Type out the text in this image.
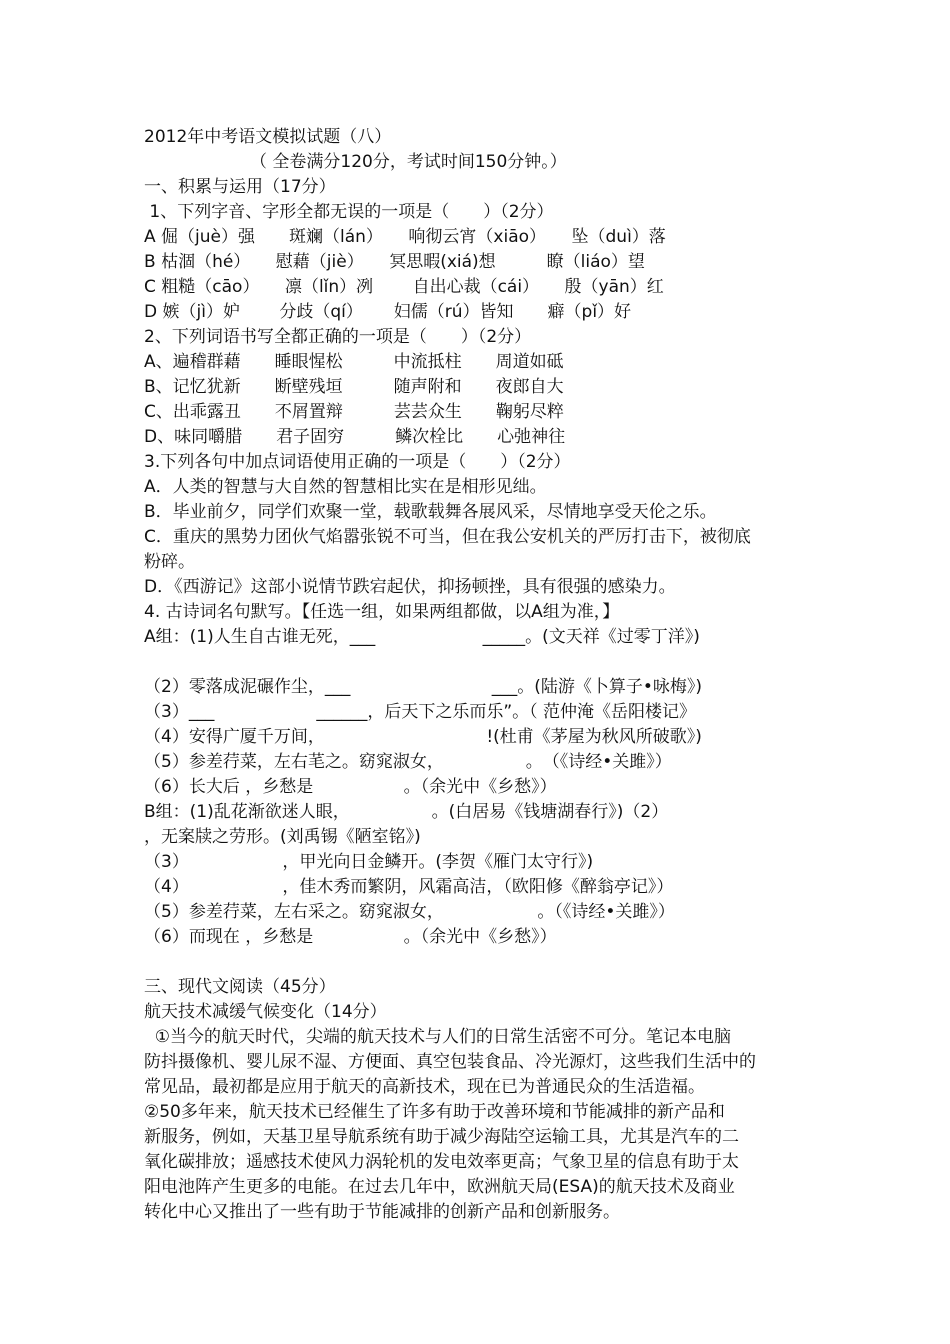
2012年中考语文模拟试题（八）
（ 全卷满分120分，考试时间150分钟。）
一、积累与运用（17分）
1、下列字音、字形全都无误的一项是（　　）（2分）
A 倔（juè）强　　斑斓（lán）　　响彻云宵（xiāo）　　坠（duì）落
B 枯涸（hé）　　慰藉（jiè）　　冥思暇(xiá)想　　　瞭（liáo）望
C 粗糙（cāo）　　凛（lǐn）冽　　 自出心裁（cái）　　殷（yān）红
D 嫉（jì）妒　　 分歧（qí）　　 妇儒（rú）皆知　　癖（pǐ）好
2、下列词语书写全都正确的一项是（　　）（2分）
A、遍稽群藉　　睡眼惺松　　　中流抵柱　　周道如砥
B、记忆犹新　　断壁残垣　　　随声附和　　夜郎自大
C、出乖露丑　　不屑置辩　　　芸芸众生　　鞠躬尽粹
D、味同嚼腊　　君子固穷　　　鳞次栓比　　心弛神往
3.下列各句中加点词语使用正确的一项是（　　）（2分）
A．人类的智慧与大自然的智慧相比实在是相形见绌。
B．毕业前夕，同学们欢聚一堂，载歌载舞各展风采，尽情地享受天伦之乐。
C．重庆的黑势力团伙气焰嚣张锐不可当，但在我公安机关的严厉打击下，被彻底
粉碎。
D．《西游记》这部小说情节跌宕起伏，抑扬顿挫，具有很强的感染力。
4. 古诗词名句默写。【任选一组，如果两组都做，以A组为准，】
A组：(1)人生自古谁无死，___　　　　　　 _____。(文天祥《过零丁洋》)
（2）零落成泥碾作尘，___　　　　　　　　 ___。(陆游《卜算子•咏梅》)
（3）___　　　　　　______，后天下之乐而乐”。（ 范仲淹《岳阳楼记》
（4）安得广厦千万间，　　　　　　　　　　!(杜甫《茅屋为秋风所破歌》)
（5）参差荇菜，左右芼之。窈窕淑女，　　　　　 。　（《诗经•关雎》）
（6）长大后 ，乡愁是　　　　　 。（余光中《乡愁》）
B组：(1)乱花渐欲迷人眼，　　　　　 。(白居易《钱塘湖春行》)（2）
，无案牍之劳形。(刘禹锡《陋室铭》)
（3）　　　　　　，甲光向日金鳞开。(李贺《雁门太守行》)
（4）　　　　　　，佳木秀而繁阴，风霜高洁，（欧阳修《醉翁亭记》）
（5）参差荇菜，左右采之。窈窕淑女，　　　　　　。（《诗经•关雎》）
（6）而现在 ，乡愁是　　　　　 。（余光中《乡愁》）
三、现代文阅读（45分）
航天技术减缓气候变化（14分）
①当今的航天时代，尖端的航天技术与人们的日常生活密不可分。笔记本电脑
防抖摄像机、婴儿尿不湿、方便面、真空包装食品、冷光源灯，这些我们生活中的
常见品，最初都是应用于航天的高新技术，现在已为普通民众的生活造福。
②50多年来，航天技术已经催生了许多有助于改善环境和节能减排的新产品和
新服务，例如，天基卫星导航系统有助于减少海陆空运输工具，尤其是汽车的二
氧化碳排放；遥感技术使风力涡轮机的发电效率更高；气象卫星的信息有助于太
阳电池阵产生更多的电能。在过去几年中，欧洲航天局(ESA)的航天技术及商业
转化中心又推出了一些有助于节能减排的创新产品和创新服务。
